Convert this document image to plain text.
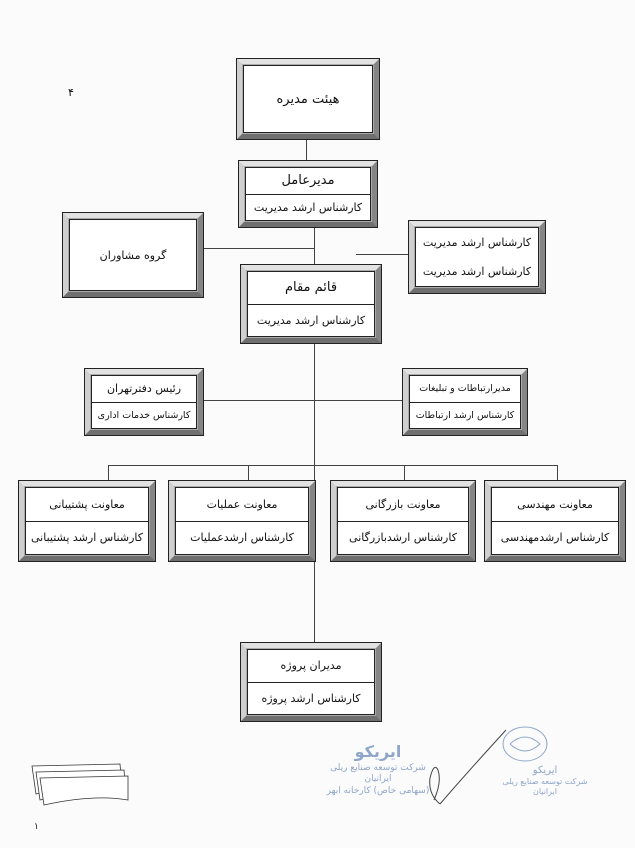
هیئت مدیره
مدیرعامل
کارشناس ارشد مدیریت
گروه مشاوران
کارشناس ارشد مدیریت
کارشناس ارشد مدیریت
قائم مقام
کارشناس ارشد مدیریت
رئیس دفترتهران
کارشناس خدمات اداری
مدیرارتباطات و تبلیغات
کارشناس ارشد ارتباطات
معاونت پشتیبانی
کارشناس ارشد پشتیبانی
معاونت عملیات
کارشناس ارشدعملیات
معاونت بازرگانی
کارشناس ارشدبازرگانی
معاونت مهندسی
کارشناس ارشدمهندسی
مدیران پروژه
کارشناس ارشد پروژه
۴
۱
ایریکو
شرکت توسعه صنایع ریلی ایرانیان
(سهامی خاص) کارخانه ابهر
ایریکو
شرکت توسعه صنایع ریلی ایرانیان
